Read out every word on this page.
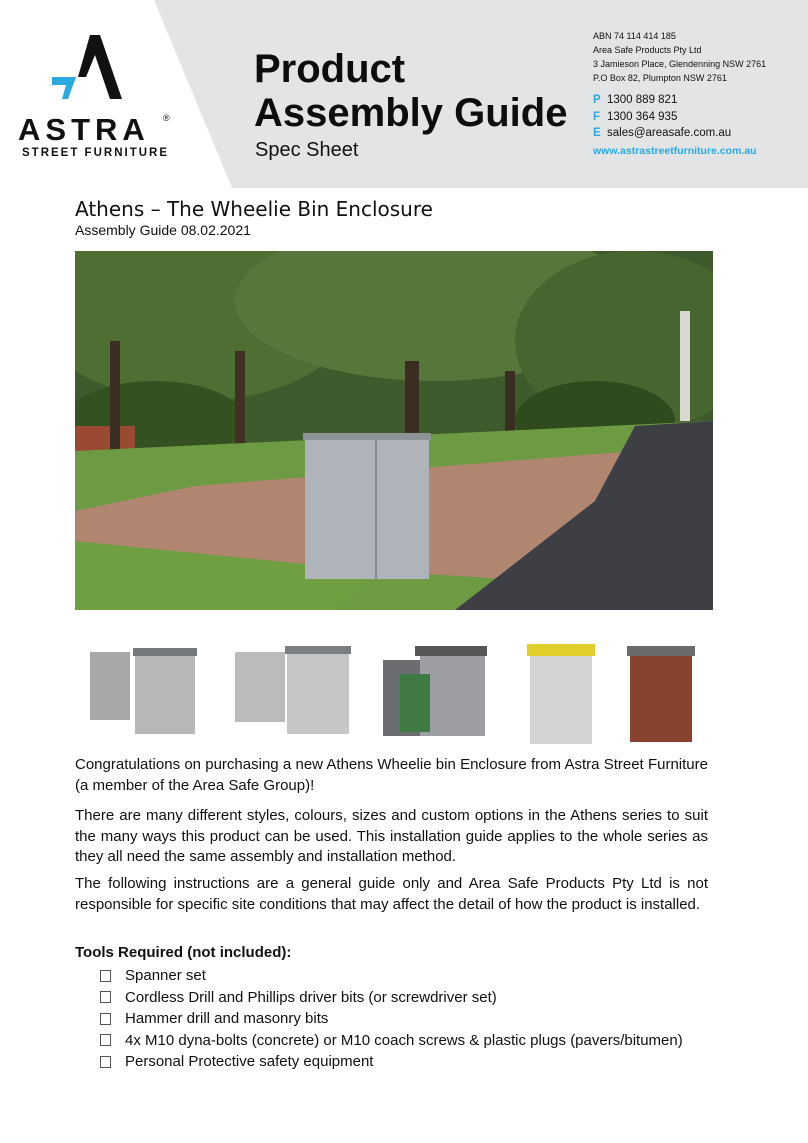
ASTRA ®
STREET FURNITURE
Product
Assembly Guide
Spec Sheet
ABN 74 114 414 185
Area Safe Products Pty Ltd
3 Jamieson Place, Glendenning NSW 2761
P.O Box 82, Plumpton NSW 2761
P 1300 889 821
F 1300 364 935
E sales@areasafe.com.au
www.astrastreetfurniture.com.au
Athens – The Wheelie Bin Enclosure
Assembly Guide 08.02.2021
Congratulations on purchasing a new Athens Wheelie bin Enclosure from Astra Street Furniture (a member of the Area Safe Group)!
There are many different styles, colours, sizes and custom options in the Athens series to suit the many ways this product can be used. This installation guide applies to the whole series as they all need the same assembly and installation method.
The following instructions are a general guide only and Area Safe Products Pty Ltd is not responsible for specific site conditions that may affect the detail of how the product is installed.
Tools Required (not included):
Spanner set
Cordless Drill and Phillips driver bits (or screwdriver set)
Hammer drill and masonry bits
4x M10 dyna-bolts (concrete) or M10 coach screws & plastic plugs (pavers/bitumen)
Personal Protective safety equipment
